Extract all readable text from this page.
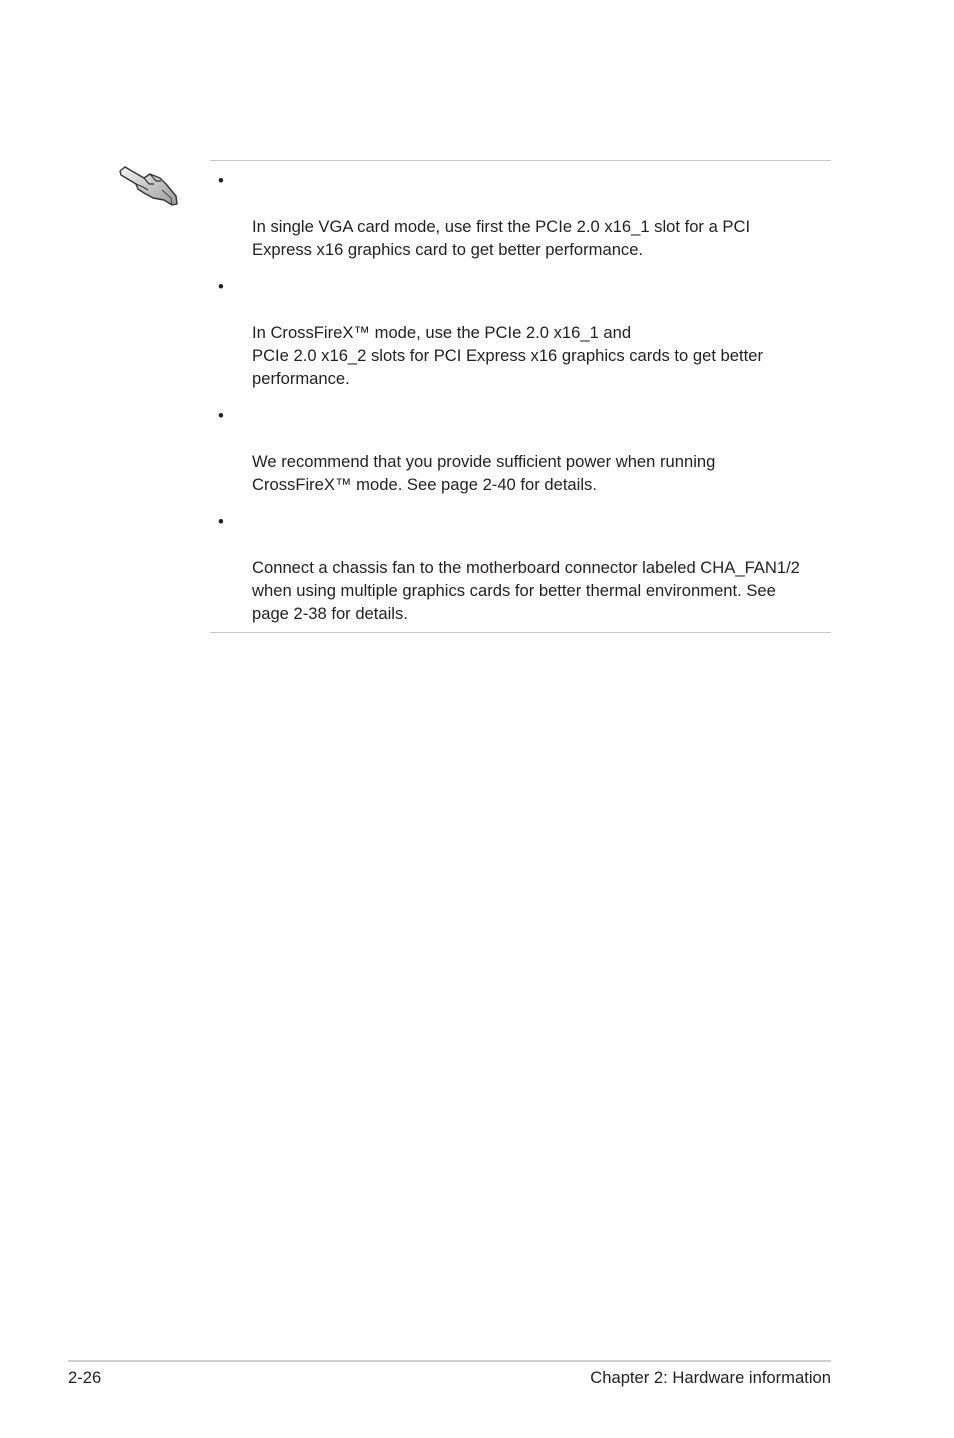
•

In single VGA card mode, use first the PCIe 2.0 x16_1 slot for a PCI
Express x16 graphics card to get better performance.

•

In CrossFireX™ mode, use the PCIe 2.0 x16_1 and
PCIe 2.0 x16_2 slots for PCI Express x16 graphics cards to get better
performance.

•

We recommend that you provide sufficient power when running
CrossFireX™ mode. See page 2-40 for details.

•

Connect a chassis fan to the motherboard connector labeled CHA_FAN1/2
when using multiple graphics cards for better thermal environment. See
page 2-38 for details.

2-26	Chapter 2: Hardware information
